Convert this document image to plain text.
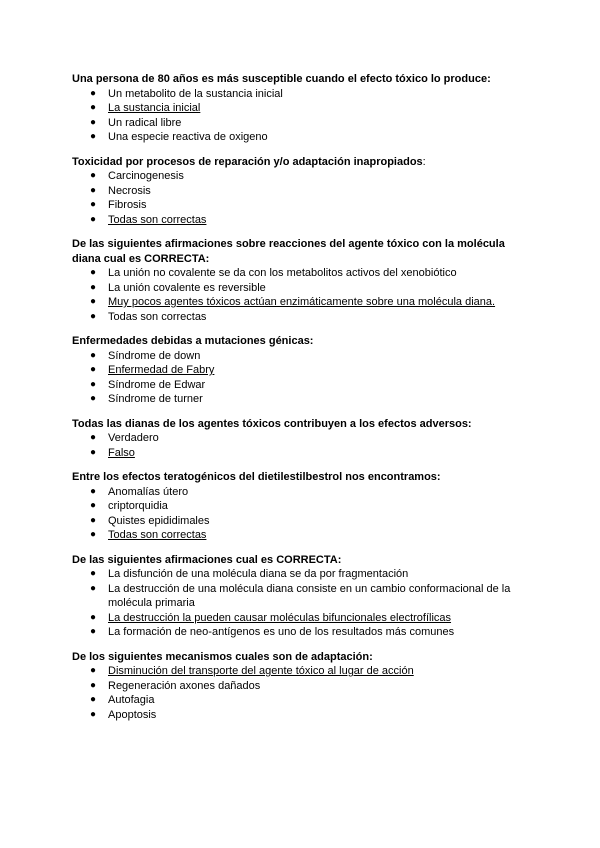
Una persona de 80 años es más susceptible cuando el efecto tóxico lo produce:
● Un metabolito de la sustancia inicial
● La sustancia inicial
● Un radical libre
● Una especie reactiva de oxigeno
Toxicidad por procesos de reparación y/o adaptación inapropiados:
● Carcinogenesis
● Necrosis
● Fibrosis
● Todas son correctas
De las siguientes afirmaciones sobre reacciones del agente tóxico con la molécula diana cual es CORRECTA:
● La unión no covalente se da con los metabolitos activos del xenobiótico
● La unión covalente es reversible
● Muy pocos agentes tóxicos actúan enzimáticamente sobre una molécula diana.
● Todas son correctas
Enfermedades debidas a mutaciones génicas:
● Síndrome de down
● Enfermedad de Fabry
● Síndrome de Edwar
● Síndrome de turner
Todas las dianas de los agentes tóxicos contribuyen a los efectos adversos:
● Verdadero
● Falso
Entre los efectos teratogénicos del dietilestilbestrol nos encontramos:
● Anomalías útero
● criptorquidia
● Quistes epididimales
● Todas son correctas
De las siguientes afirmaciones cual es CORRECTA:
● La disfunción de una molécula diana se da por fragmentación
● La destrucción de una molécula diana consiste en un cambio conformacional de la molécula primaria
● La destrucción la pueden causar moléculas bifuncionales electrofílicas
● La formación de neo-antígenos es uno de los resultados más comunes
De los siguientes mecanismos cuales son de adaptación:
● Disminución del transporte del agente tóxico al lugar de acción
● Regeneración axones dañados
● Autofagia
● Apoptosis
